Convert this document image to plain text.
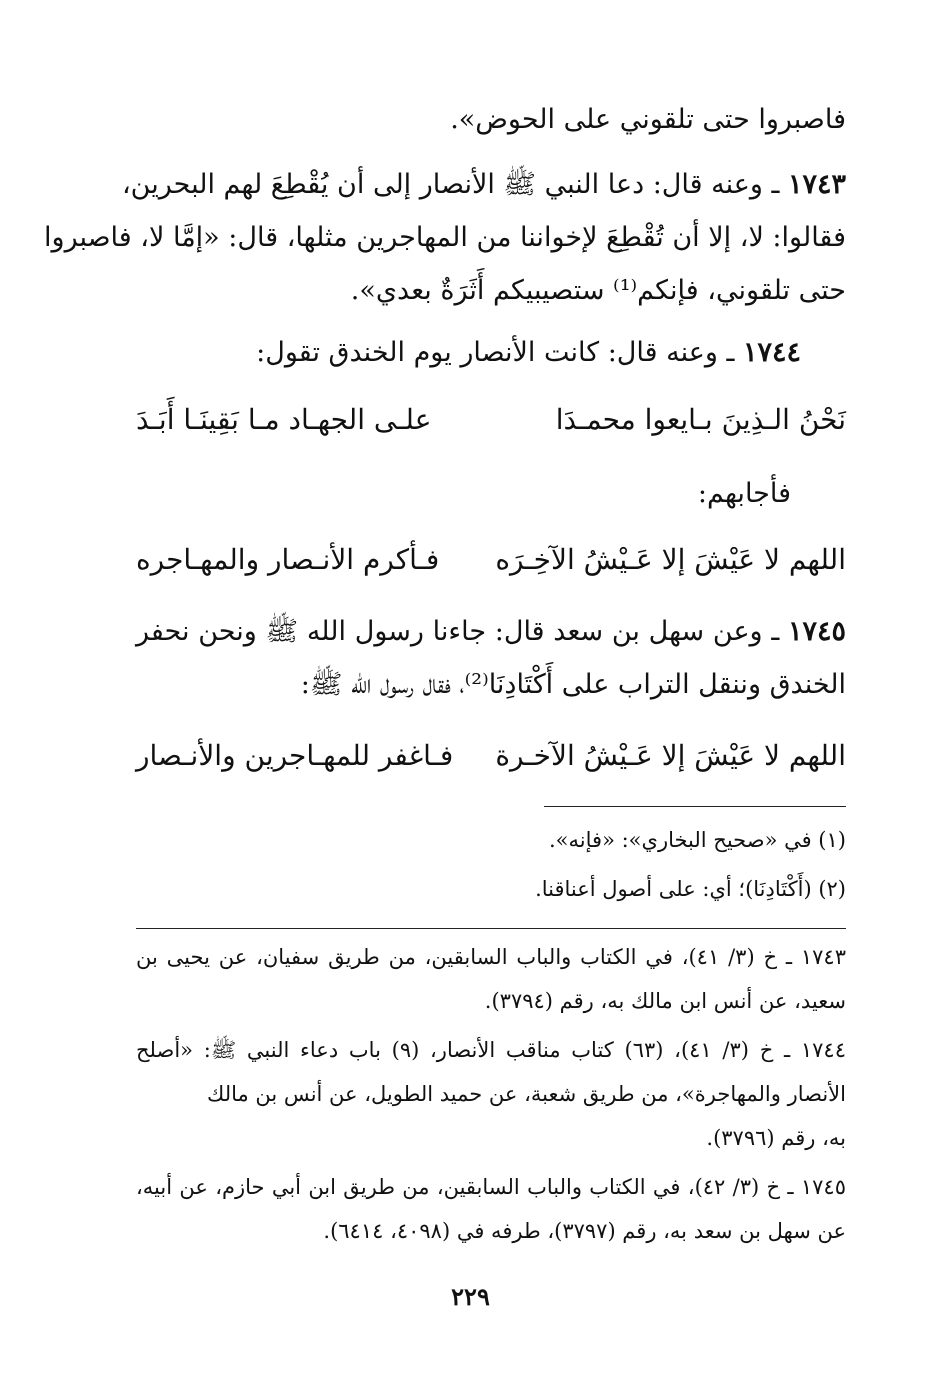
فاصبروا حتى تلقوني على الحوض».
١٧٤٣ ـ وعنه قال: دعا النبي ﷺ الأنصار إلى أن يُقْطِعَ لهم البحرين،
فقالوا: لا، إلا أن تُقْطِعَ لإخواننا من المهاجرين مثلها، قال: «إمَّا لا، فاصبروا
حتى تلقوني، فإنكم⁽¹⁾ ستصيبيكم أَثَرَةٌ بعدي».
١٧٤٤ ـ وعنه قال: كانت الأنصار يوم الخندق تقول:
نَحْنُ الـذِينَ بـايعوا محمـدَا
علـى الجهـاد مـا بَقِينَـا أَبَـدَ
فأجابهم:
اللهم لا عَيْشَ إلا عَـيْشُ الآخِـرَه
فـأكرم الأنـصار والمهـاجره
١٧٤٥ ـ وعن سهل بن سعد قال: جاءنا رسول الله ﷺ ونحن نحفر
الخندق وننقل التراب على أَكْتَادِنَا⁽²⁾، فقال رسول الله ﷺ:
اللهم لا عَيْشَ إلا عَـيْشُ الآخـرة
فـاغفر للمهـاجرين والأنـصار
(١) في «صحيح البخاري»: «فإنه».
(٢) (أَكْتَادِنَا)؛ أي: على أصول أعناقنا.
١٧٤٣ ـ خ (٣/ ٤١)، في الكتاب والباب السابقين، من طريق سفيان، عن يحيى بن
سعيد، عن أنس ابن مالك به، رقم (٣٧٩٤).
١٧٤٤ ـ خ (٣/ ٤١)، (٦٣) كتاب مناقب الأنصار، (٩) باب دعاء النبي ﷺ: «أصلح
الأنصار والمهاجرة»، من طريق شعبة، عن حميد الطويل، عن أنس بن مالك
به، رقم (٣٧٩٦).
١٧٤٥ ـ خ (٣/ ٤٢)، في الكتاب والباب السابقين، من طريق ابن أبي حازم، عن أبيه،
عن سهل بن سعد به، رقم (٣٧٩٧)، طرفه في (٤٠٩٨، ٦٤١٤).
٢٢٩
